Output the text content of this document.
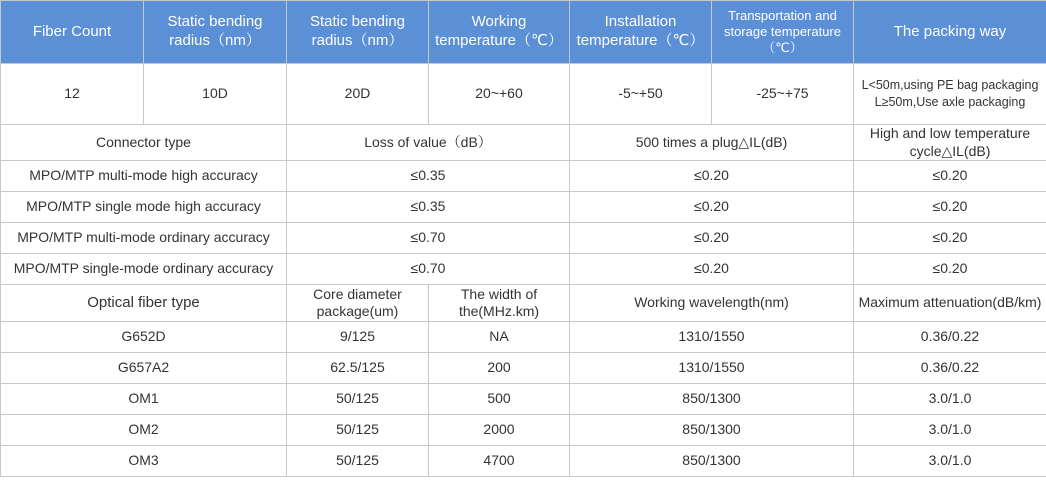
Fiber Count	Static bending radius（nm）	Static bending radius（nm）	Working temperature（℃）	Installation temperature（℃）	Transportation and storage temperature（℃）	The packing way
12	10D	20D	20~+60	-5~+50	-25~+75	L<50m,using PE bag packaging
L≥50m,Use axle packaging

Connector type		Loss of value（dB）		500 times a plug△IL(dB)		High and low temperature cycle△IL(dB)
MPO/MTP multi-mode high accuracy		≤0.35		≤0.20		≤0.20
MPO/MTP single mode high accuracy		≤0.35		≤0.20		≤0.20
MPO/MTP multi-mode ordinary accuracy		≤0.70		≤0.20		≤0.20
MPO/MTP single-mode ordinary accuracy		≤0.70		≤0.20		≤0.20
Optical fiber type		Core diameter package(um)	The width of the(MHz.km)	Working wavelength(nm)		Maximum attenuation(dB/km)
G652D		9/125	NA	1310/1550		0.36/0.22
G657A2		62.5/125	200	1310/1550		0.36/0.22
OM1		50/125	500	850/1300		3.0/1.0
OM2		50/125	2000	850/1300		3.0/1.0
OM3		50/125	4700	850/1300		3.0/1.0
